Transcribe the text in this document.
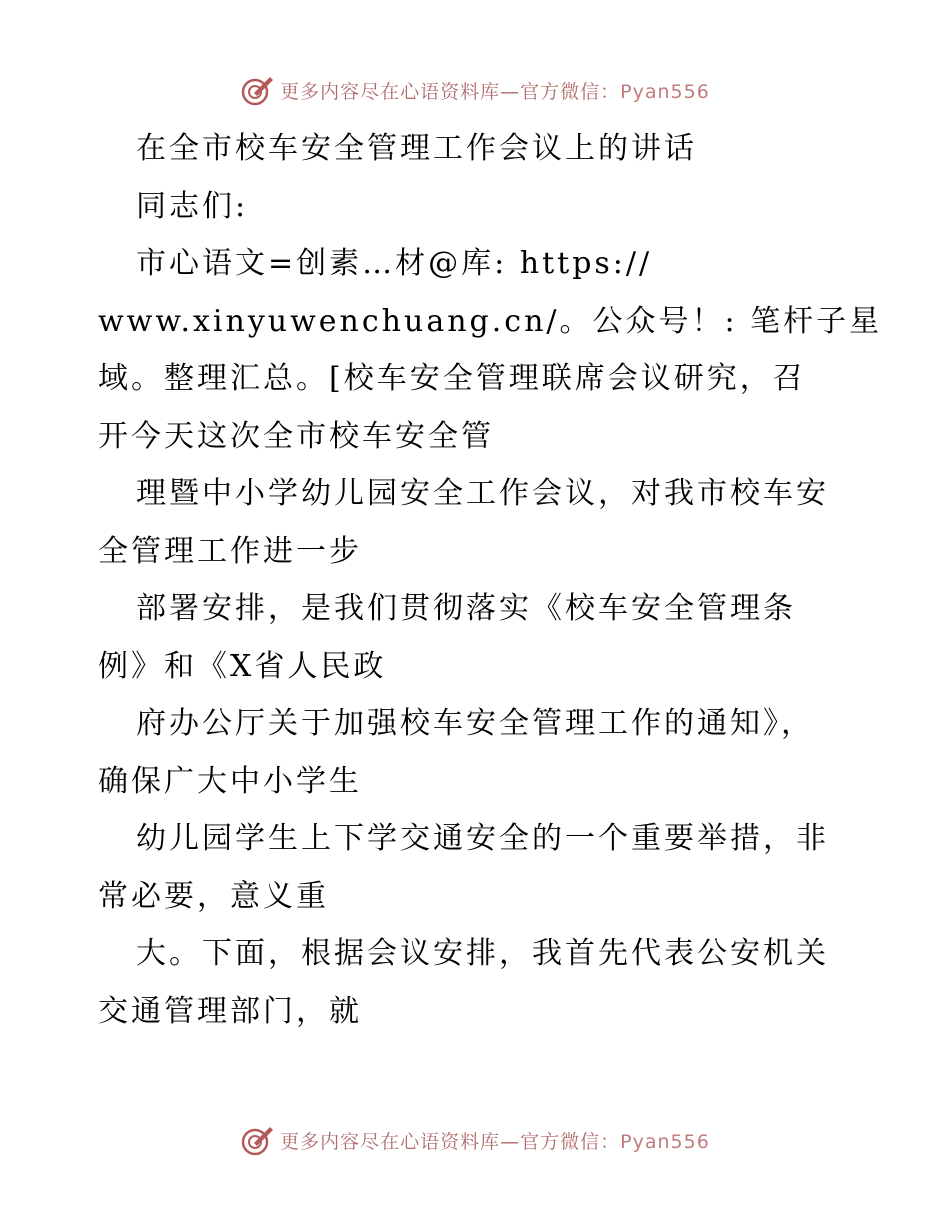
更多内容尽在心语资料库—官方微信：Pyan556
在全市校车安全管理工作会议上的讲话
同志们:
市心语文=创素…材@库: https://
www.xinyuwenchuang.cn/。公众号！: 笔杆子星
域。整理汇总。[校车安全管理联席会议研究，召
开今天这次全市校车安全管
理暨中小学幼儿园安全工作会议，对我市校车安
全管理工作进一步
部署安排，是我们贯彻落实《校车安全管理条
例》和《X省人民政
府办公厅关于加强校车安全管理工作的通知》，
确保广大中小学生
幼儿园学生上下学交通安全的一个重要举措，非
常必要，意义重
大。下面，根据会议安排，我首先代表公安机关
交通管理部门，就
更多内容尽在心语资料库—官方微信：Pyan556
